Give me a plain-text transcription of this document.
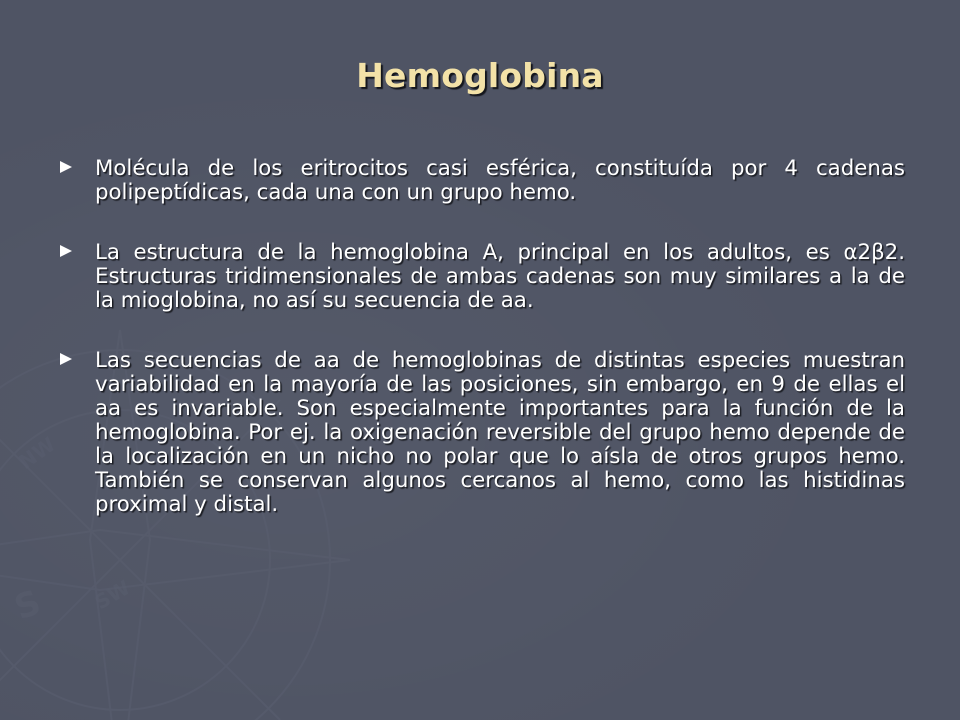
S SW
NW
Hemoglobina
Molécula de los eritrocitos casi esférica, constituída por 4 cadenas polipeptídicas, cada una con un grupo hemo.
La estructura de la hemoglobina A, principal en los adultos, es α2β2. Estructuras tridimensionales de ambas cadenas son muy similares a la de la mioglobina, no así su secuencia de aa.
Las secuencias de aa de hemoglobinas de distintas especies muestran variabilidad en la mayoría de las posiciones, sin embargo, en 9 de ellas el aa es invariable. Son especialmente importantes para la función de la hemoglobina. Por ej. la oxigenación reversible del grupo hemo depende de la localización en un nicho no polar que lo aísla de otros grupos hemo. También se conservan algunos cercanos al hemo, como las histidinas proximal y distal.
